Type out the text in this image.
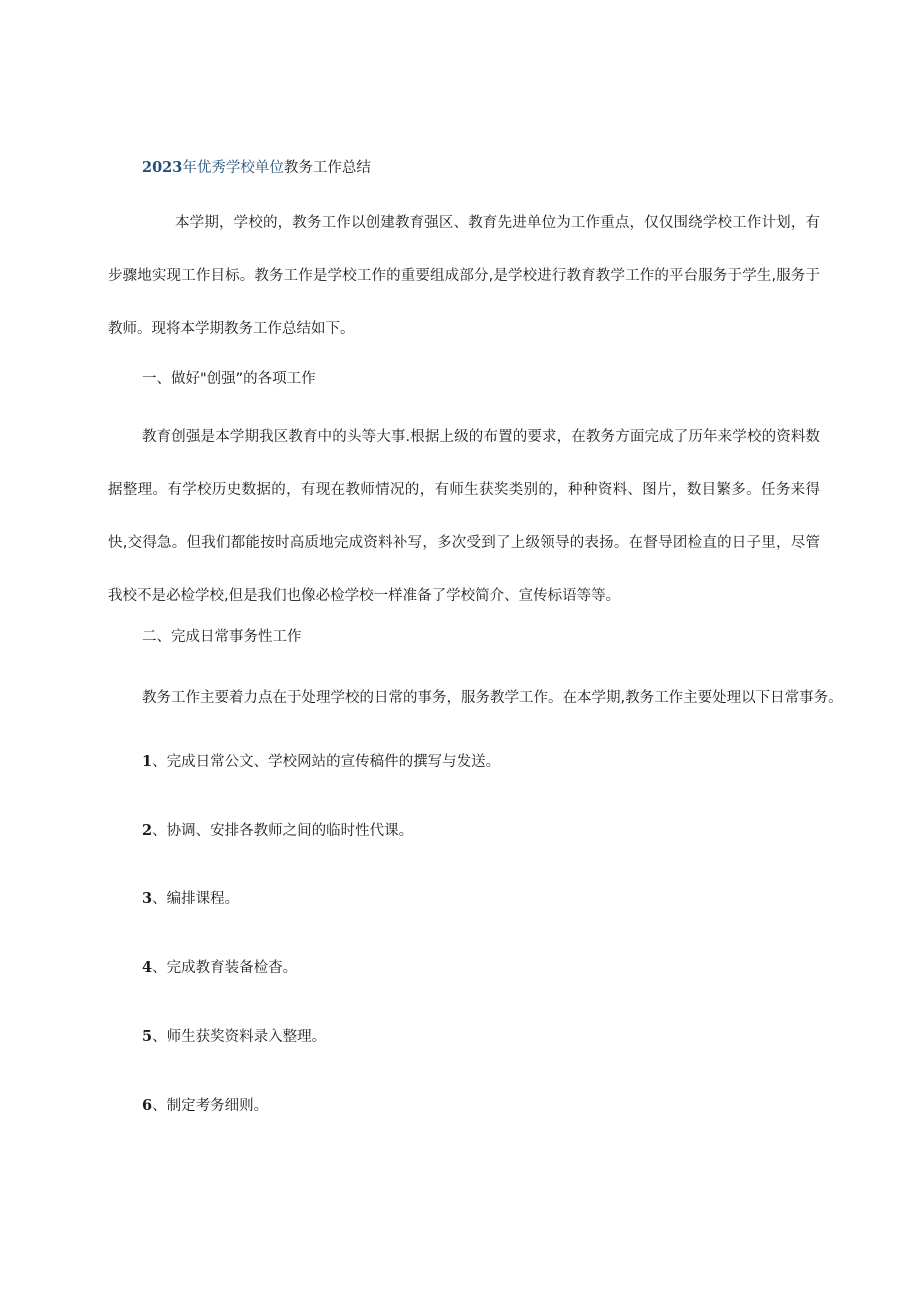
2023年优秀学校单位教务工作总结

本学期，学校的，教务工作以创建教育强区、教育先进单位为工作重点，仅仅围绕学校工作计划，有步骤地实现工作目标。教务工作是学校工作的重要组成部分,是学校进行教育教学工作的平台服务于学生,服务于教师。现将本学期教务工作总结如下。

一、做好"创强”的各项工作

教育创强是本学期我区教育中的头等大事.根据上级的布置的要求，在教务方面完成了历年来学校的资料数据整理。有学校历史数据的，有现在教师情况的，有师生获奖类别的，种种资料、图片，数目繁多。任务来得快,交得急。但我们都能按时高质地完成资料补写，多次受到了上级领导的表扬。在督导团检直的日子里，尽管我校不是必检学校,但是我们也像必检学校一样准备了学校简介、宣传标语等等。

二、完成日常事务性工作
教务工作主要着力点在于处理学校的日常的事务，服务教学工作。在本学期,教务工作主要处理以下日常事务。
1、完成日常公文、学校网站的宣传稿件的撰写与发送。
2、协调、安排各教师之间的临时性代课。
3、编排课程。
4、完成教育装备检杳。
5、师生获奖资料录入整理。
6、制定考务细则。
